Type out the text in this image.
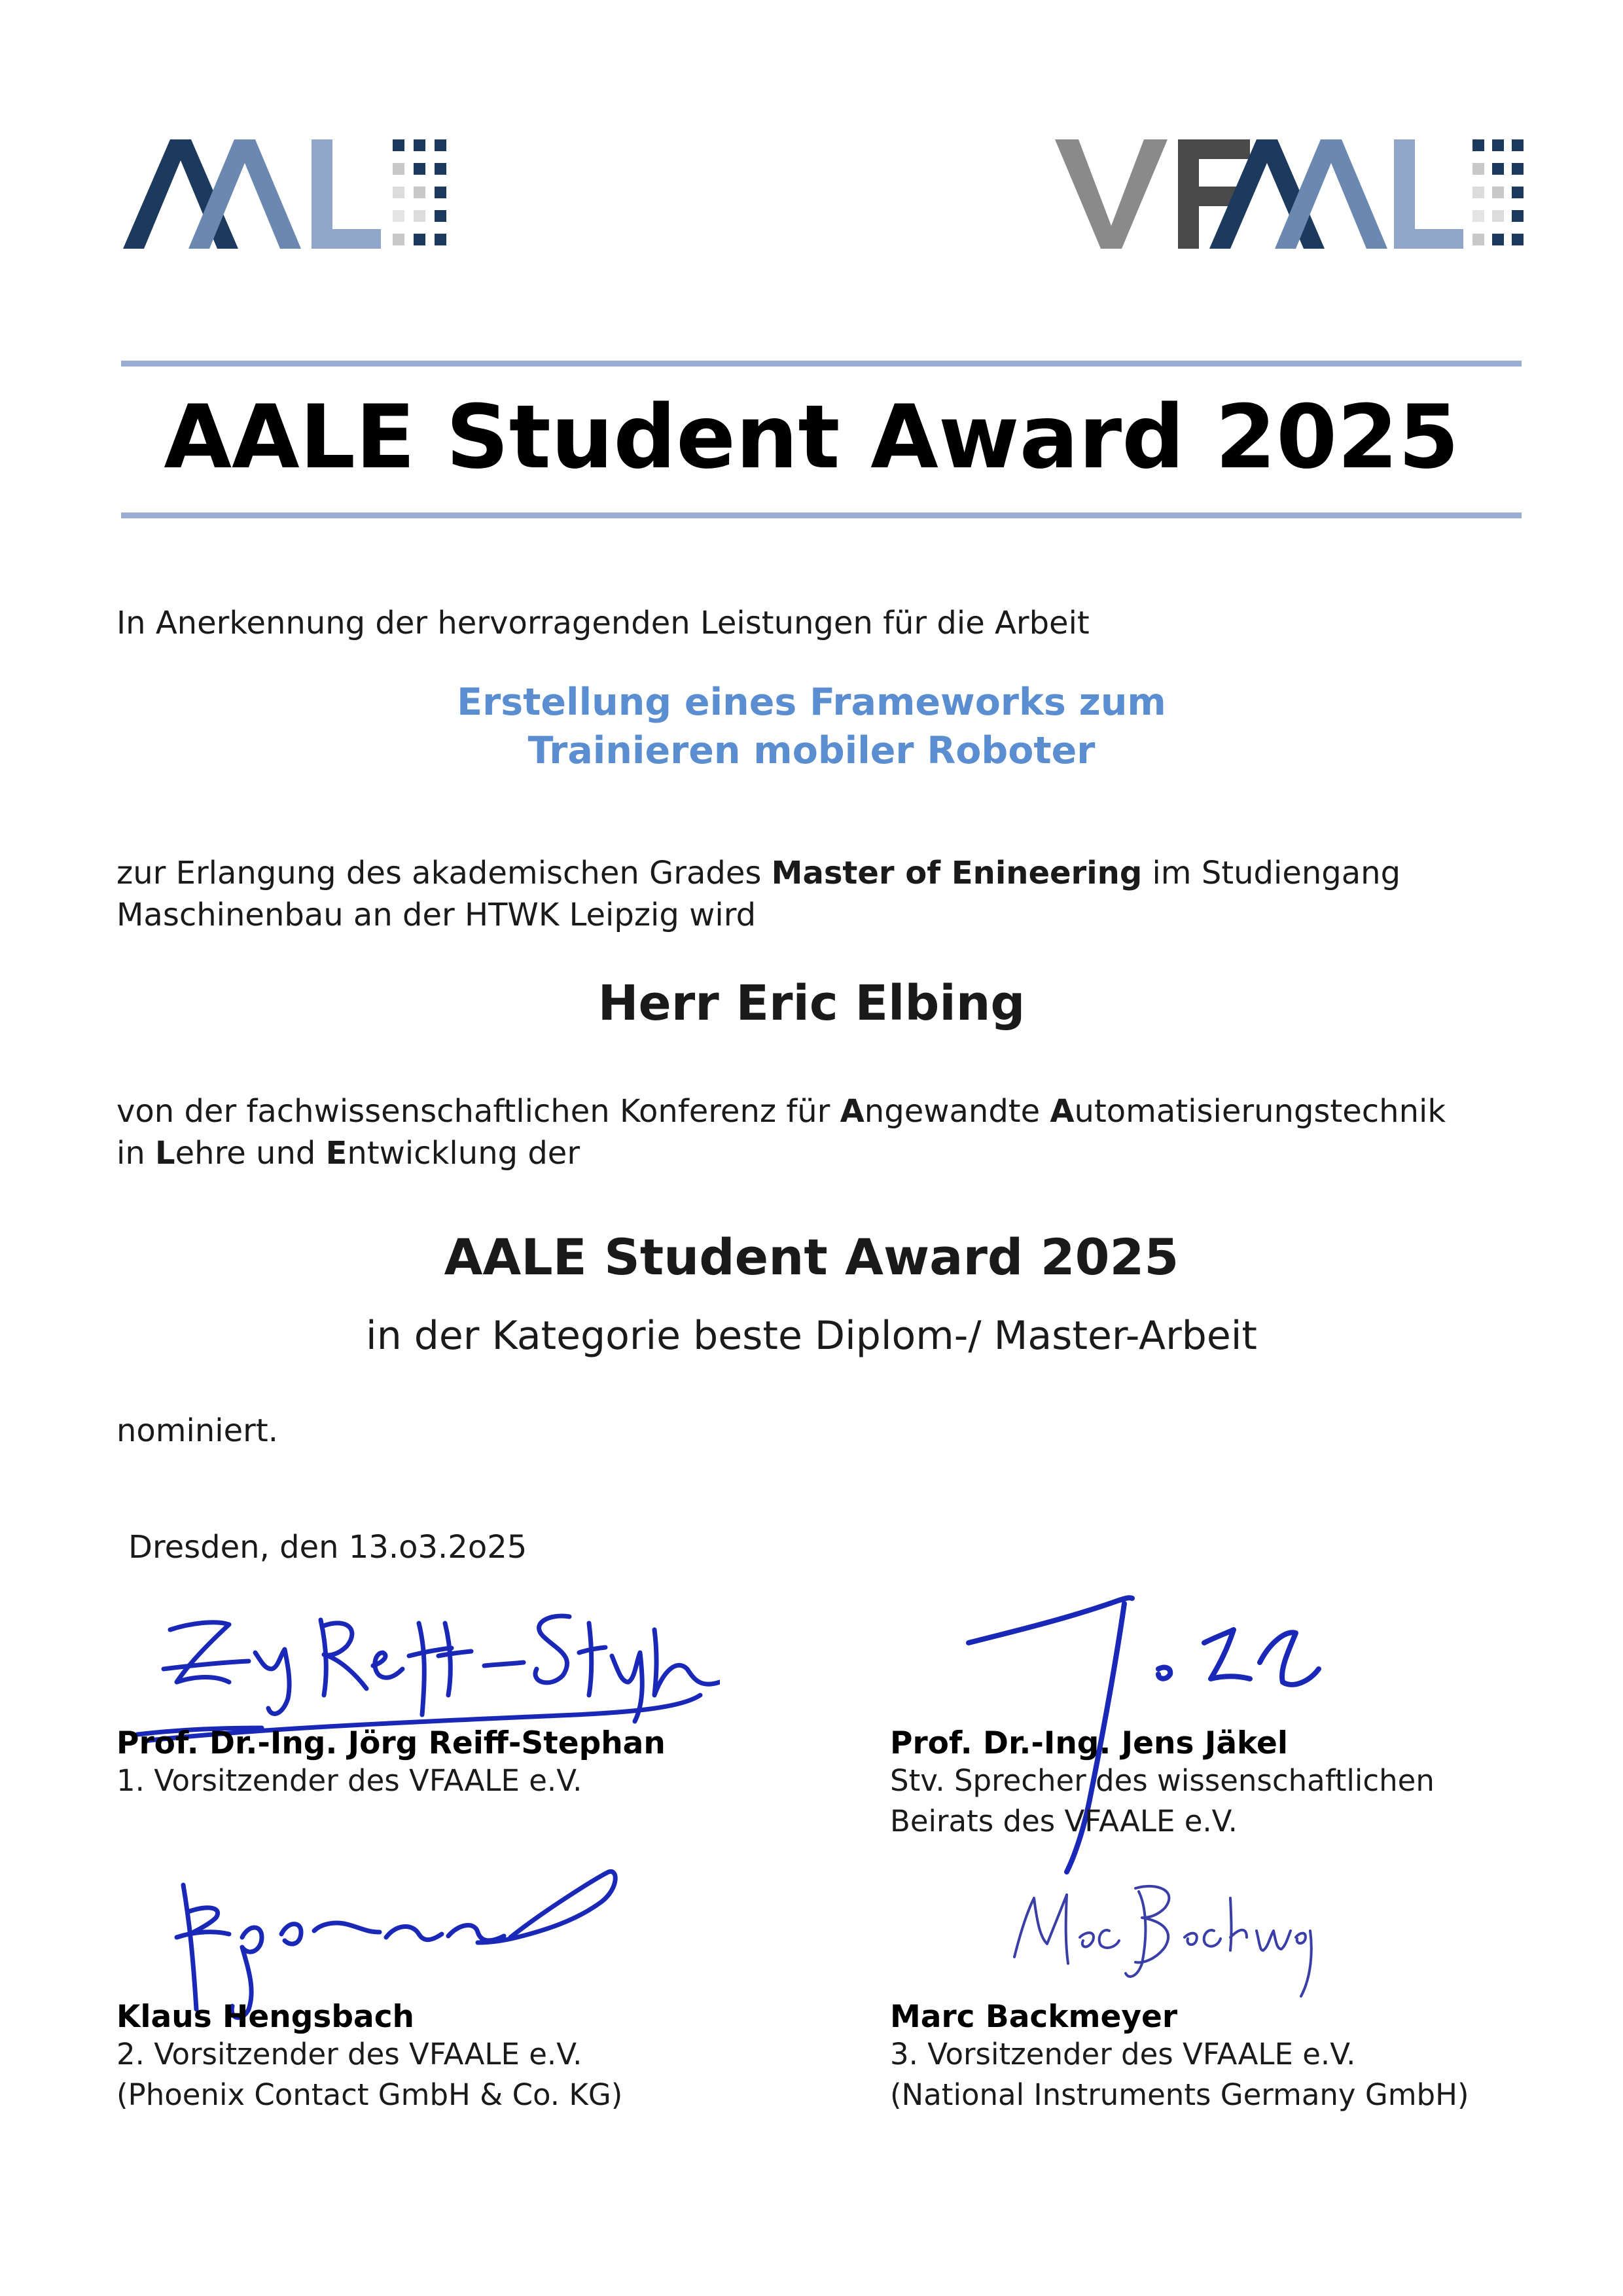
AALE Student Award 2025
In Anerkennung der hervorragenden Leistungen für die Arbeit
Erstellung eines Frameworks zum
Trainieren mobiler Roboter
zur Erlangung des akademischen Grades Master of Enineering im Studiengang
Maschinenbau an der HTWK Leipzig wird
Herr Eric Elbing
von der fachwissenschaftlichen Konferenz für Angewandte Automatisierungstechnik
in Lehre und Entwicklung der
AALE Student Award 2025
in der Kategorie beste Diplom-/ Master-Arbeit
nominiert.
Dresden, den 13.o3.2o25
Prof. Dr.-Ing. Jörg Reiff-Stephan
1. Vorsitzender des VFAALE e.V.
Prof. Dr.-Ing. Jens Jäkel
Stv. Sprecher des wissenschaftlichen
Beirats des VFAALE e.V.
Klaus Hengsbach
2. Vorsitzender des VFAALE e.V.
(Phoenix Contact GmbH & Co. KG)
Marc Backmeyer
3. Vorsitzender des VFAALE e.V.
(National Instruments Germany GmbH)
